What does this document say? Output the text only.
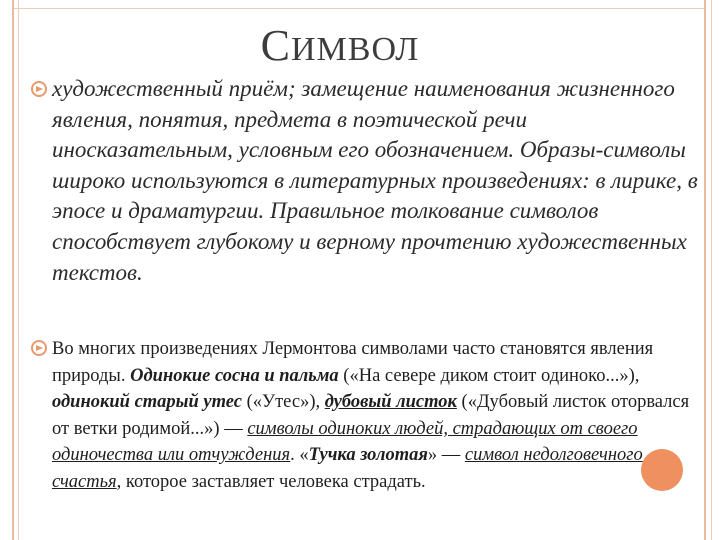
СИМВОЛ
художественный приём; замещение наименования жизненного явления, понятия, предмета в поэтической речи иносказательным, условным его обозначением. Образы-символы широко используются в литературных произведениях: в лирике, в эпосе и драматургии. Правильное толкование символов способствует глубокому и верному прочтению художественных текстов.
Во многих произведениях Лермонтова символами часто становятся явления природы. Одинокие сосна и пальма («На севере диком стоит одиноко...»), одинокий старый утес («Утес»), дубовый листок («Дубовый листок оторвался от ветки родимой...») — символы одиноких людей, страдающих от своего одиночества или отчуждения. «Тучка золотая» — символ недолговечного счастья, которое заставляет человека страдать.
